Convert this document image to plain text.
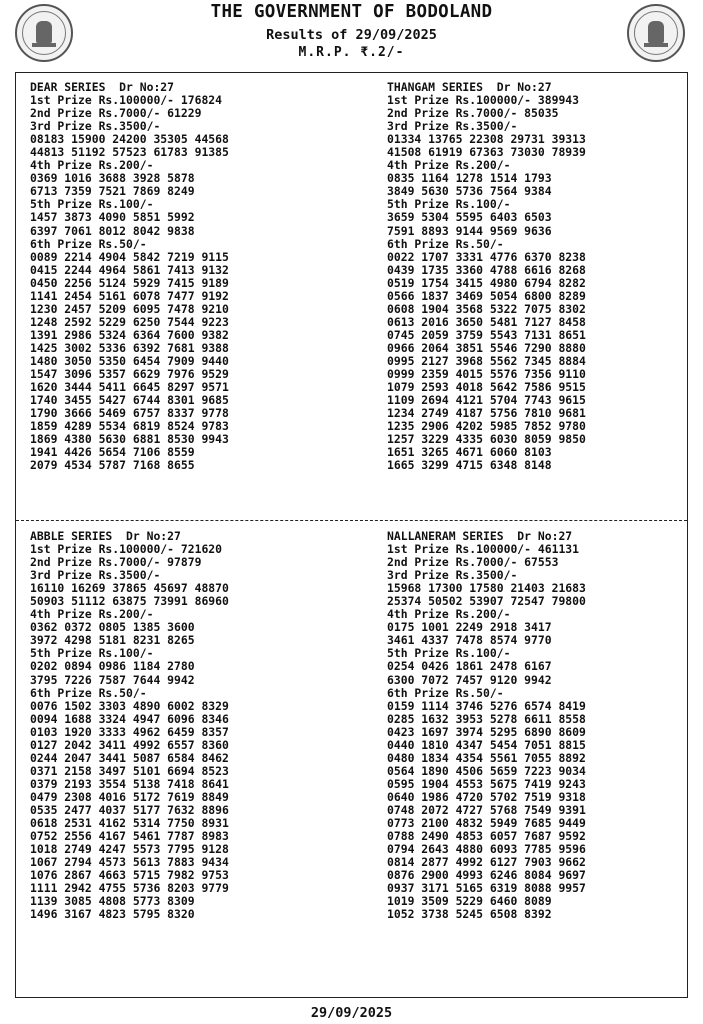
THE GOVERNMENT OF BODOLAND
Results of 29/09/2025
M.R.P. ₹.2/-
DEAR SERIES  Dr No:27
1st Prize Rs.100000/- 176824
2nd Prize Rs.7000/- 61229
3rd Prize Rs.3500/-
08183 15900 24200 35305 44568
44813 51192 57523 61783 91385
4th Prize Rs.200/-
0369 1016 3688 3928 5878
6713 7359 7521 7869 8249
5th Prize Rs.100/-
1457 3873 4090 5851 5992
6397 7061 8012 8042 9838
6th Prize Rs.50/-
0089 2214 4904 5842 7219 9115
0415 2244 4964 5861 7413 9132
0450 2256 5124 5929 7415 9189
1141 2454 5161 6078 7477 9192
1230 2457 5209 6095 7478 9210
1248 2592 5229 6250 7544 9223
1391 2986 5324 6364 7600 9382
1425 3002 5336 6392 7681 9388
1480 3050 5350 6454 7909 9440
1547 3096 5357 6629 7976 9529
1620 3444 5411 6645 8297 9571
1740 3455 5427 6744 8301 9685
1790 3666 5469 6757 8337 9778
1859 4289 5534 6819 8524 9783
1869 4380 5630 6881 8530 9943
1941 4426 5654 7106 8559
2079 4534 5787 7168 8655
THANGAM SERIES  Dr No:27
1st Prize Rs.100000/- 389943
2nd Prize Rs.7000/- 85035
3rd Prize Rs.3500/-
01334 13765 22308 29731 39313
41508 61919 67363 73030 78939
4th Prize Rs.200/-
0835 1164 1278 1514 1793
3849 5630 5736 7564 9384
5th Prize Rs.100/-
3659 5304 5595 6403 6503
7591 8893 9144 9569 9636
6th Prize Rs.50/-
0022 1707 3331 4776 6370 8238
0439 1735 3360 4788 6616 8268
0519 1754 3415 4980 6794 8282
0566 1837 3469 5054 6800 8289
0608 1904 3568 5322 7075 8302
0613 2016 3650 5481 7127 8458
0745 2059 3759 5543 7131 8651
0966 2064 3851 5546 7290 8880
0995 2127 3968 5562 7345 8884
0999 2359 4015 5576 7356 9110
1079 2593 4018 5642 7586 9515
1109 2694 4121 5704 7743 9615
1234 2749 4187 5756 7810 9681
1235 2906 4202 5985 7852 9780
1257 3229 4335 6030 8059 9850
1651 3265 4671 6060 8103
1665 3299 4715 6348 8148
ABBLE SERIES  Dr No:27
1st Prize Rs.100000/- 721620
2nd Prize Rs.7000/- 97879
3rd Prize Rs.3500/-
16110 16269 37865 45697 48870
50903 51112 63875 73991 86960
4th Prize Rs.200/-
0362 0372 0805 1385 3600
3972 4298 5181 8231 8265
5th Prize Rs.100/-
0202 0894 0986 1184 2780
3795 7226 7587 7644 9942
6th Prize Rs.50/-
0076 1502 3303 4890 6002 8329
0094 1688 3324 4947 6096 8346
0103 1920 3333 4962 6459 8357
0127 2042 3411 4992 6557 8360
0244 2047 3441 5087 6584 8462
0371 2158 3497 5101 6694 8523
0379 2193 3554 5138 7418 8641
0479 2308 4016 5172 7619 8849
0535 2477 4037 5177 7632 8896
0618 2531 4162 5314 7750 8931
0752 2556 4167 5461 7787 8983
1018 2749 4247 5573 7795 9128
1067 2794 4573 5613 7883 9434
1076 2867 4663 5715 7982 9753
1111 2942 4755 5736 8203 9779
1139 3085 4808 5773 8309
1496 3167 4823 5795 8320
NALLANERAM SERIES  Dr No:27
1st Prize Rs.100000/- 461131
2nd Prize Rs.7000/- 67553
3rd Prize Rs.3500/-
15968 17300 17580 21403 21683
25374 50502 53907 72547 79800
4th Prize Rs.200/-
0175 1001 2249 2918 3417
3461 4337 7478 8574 9770
5th Prize Rs.100/-
0254 0426 1861 2478 6167
6300 7072 7457 9120 9942
6th Prize Rs.50/-
0159 1114 3746 5276 6574 8419
0285 1632 3953 5278 6611 8558
0423 1697 3974 5295 6890 8609
0440 1810 4347 5454 7051 8815
0480 1834 4354 5561 7055 8892
0564 1890 4506 5659 7223 9034
0595 1904 4553 5675 7419 9243
0640 1986 4720 5702 7519 9318
0748 2072 4727 5768 7549 9391
0773 2100 4832 5949 7685 9449
0788 2490 4853 6057 7687 9592
0794 2643 4880 6093 7785 9596
0814 2877 4992 6127 7903 9662
0876 2900 4993 6246 8084 9697
0937 3171 5165 6319 8088 9957
1019 3509 5229 6460 8089
1052 3738 5245 6508 8392
29/09/2025
